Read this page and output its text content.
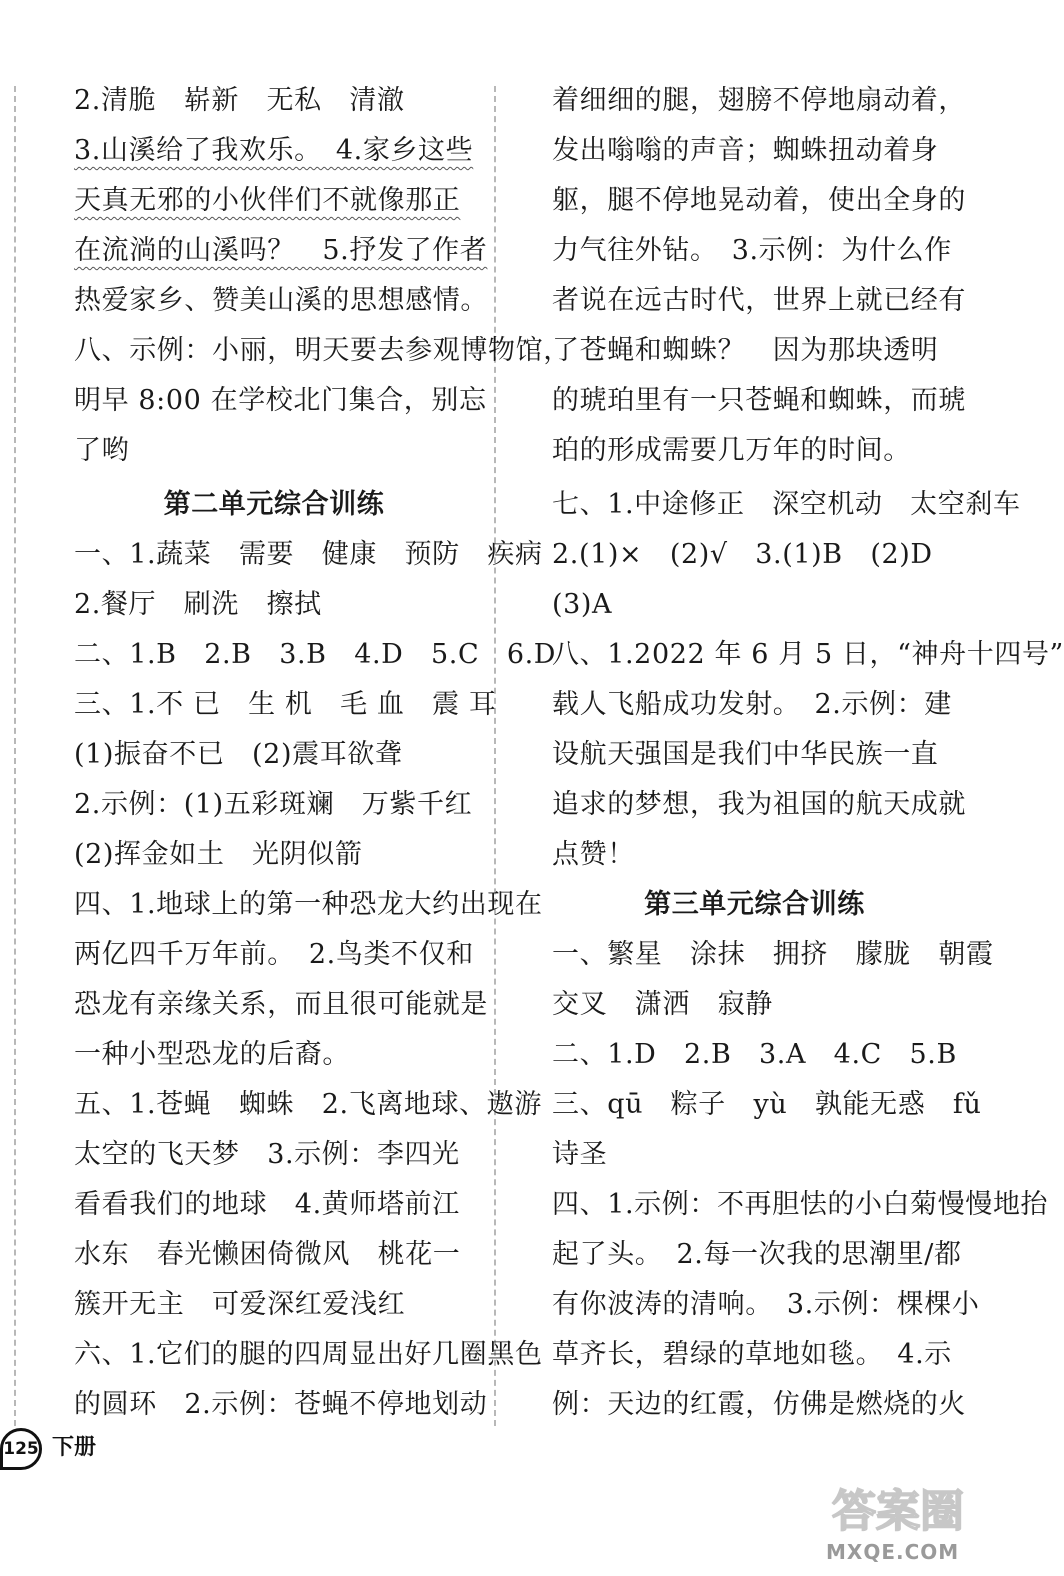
2.清脆　崭新　无私　清澈
3.山溪给了我欢乐。　4.家乡这些
天真无邪的小伙伴们不就像那正
在流淌的山溪吗？　5.抒发了作者
热爱家乡、赞美山溪的思想感情。
八、示例：小丽，明天要去参观博物馆，
明早 8:00 在学校北门集合，别忘
了哟
第二单元综合训练
一、1.蔬菜　需要　健康　预防　疾病
2.餐厅　刷洗　擦拭
二、1.B　2.B　3.B　4.D　5.C　6.D
三、1.不 已　生 机　毛 血　震 耳
(1)振奋不已　(2)震耳欲聋
2.示例：(1)五彩斑斓　万紫千红
(2)挥金如土　光阴似箭
四、1.地球上的第一种恐龙大约出现在
两亿四千万年前。　2.鸟类不仅和
恐龙有亲缘关系，而且很可能就是
一种小型恐龙的后裔。
五、1.苍蝇　蜘蛛　2.飞离地球、遨游
太空的飞天梦　3.示例：李四光
看看我们的地球　4.黄师塔前江
水东　春光懒困倚微风　桃花一
簇开无主　可爱深红爱浅红
六、1.它们的腿的四周显出好几圈黑色
的圆环　2.示例：苍蝇不停地划动
着细细的腿，翅膀不停地扇动着，
发出嗡嗡的声音；蜘蛛扭动着身
躯，腿不停地晃动着，使出全身的
力气往外钻。　3.示例：为什么作
者说在远古时代，世界上就已经有
了苍蝇和蜘蛛？　因为那块透明
的琥珀里有一只苍蝇和蜘蛛，而琥
珀的形成需要几万年的时间。
七、1.中途修正　深空机动　太空刹车
2.(1)×　(2)√　3.(1)B　(2)D
(3)A
八、1.2022 年 6 月 5 日，“神舟十四号”
载人飞船成功发射。　2.示例：建
设航天强国是我们中华民族一直
追求的梦想，我为祖国的航天成就
点赞！
第三单元综合训练
一、繁星　涂抹　拥挤　朦胧　朝霞
交叉　潇洒　寂静
二、1.D　2.B　3.A　4.C　5.B
三、qū　粽子　yù　孰能无惑　fǔ
诗圣
四、1.示例：不再胆怯的小白菊慢慢地抬
起了头。　2.每一次我的思潮里/都
有你波涛的清响。　3.示例：棵棵小
草齐长，碧绿的草地如毯。　4.示
例：天边的红霞，仿佛是燃烧的火
125 下册
答案圈
MXQE.COM
